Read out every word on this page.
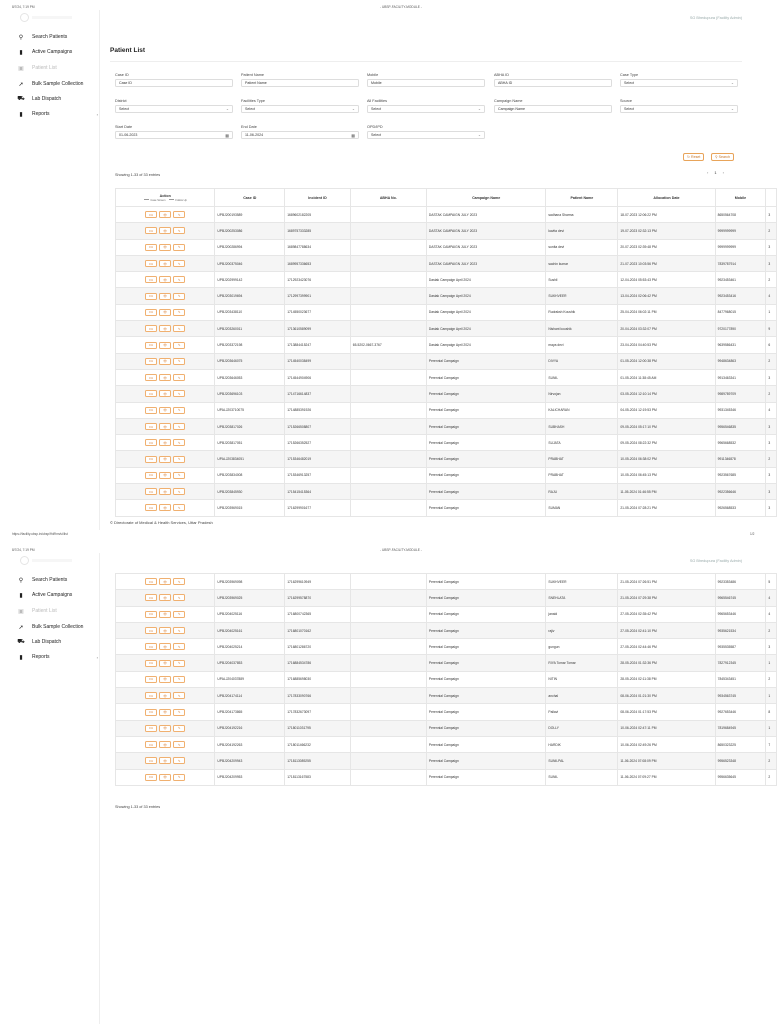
8/7/24, 7:19 PM	- UBSP-FACILITY-MODULE -
https://facility.ubsp.in/ubsp/fhl/fhm/ui/list	1/2
⚲ Search Patients
▮ Active Campaigns
▣ Patient List
➚ Bulk Sample Collection
⛟ Lab Dispatch
▮ Reports	›
SG Bhedupura (Facility Admin)
Patient List
Case ID
Case ID
Patient Name
Patient Name
Mobile
Mobile
ABHA ID
ABHA ID
Case Type
Select	⌄
District
Select	⌄
Facilities Type
Select	⌄
All Facilities
Select	⌄
Campaign Name
Campaign Name
Source
Select	⌄
Start Date
01-06-2023	▦
End Date
11-06-2024	▦
OPD/IPD
Select	⌄
↻ Reset	⚲ Search
Showing 1-33 of 33 entries	‹ 1 ›
Action
Case Screen Follow Up	Case ID	Incident ID	ABHA No.	Campaign Name	Patient Name	Allocation Date	Mobile	

FU 👁 ✎	UPBJ200193589	1689602182205		DASTAK CAMPAIGN JULY 2023	sadhana Sharma	18-07-2023 12:06:22 PM	8650564708	3

FU 👁 ✎	UPBJ200253086	1689757333285		DASTAK CAMPAIGN JULY 2023	kavita devi	19-07-2023 02:32:13 PM	9999999999	2

FU 👁 ✎	UPBJ200286994	1689847788634		DASTAK CAMPAIGN JULY 2023	sunita devi	20-07-2023 02:39:48 PM	9999999999	3

FU 👁 ✎	UPBJ200375046	1689957336653		DASTAK CAMPAIGN JULY 2023	sachin kumar	21-07-2023 10:03:56 PM	7839787914	3

FU 👁 ✎	UPBJ202999142	1712923423076		Dastak Campaign April 2024	Sushil	12-04-2024 05:53:43 PM	9923453461	2

FU 👁 ✎	UPBJ203019694	1712997399901		Dastak Campaign April 2024	SUKHVEER	13-04-2024 02:06:42 PM	9923453416	4

FU 👁 ✎	UPBJ203438110	1714550023677		Dastak Campaign April 2024	Rudraksh Koushik	25-04-2024 06:02:11 PM	8477968015	1

FU 👁 ✎	UPBJ203260011	1713610589099		Dastak Campaign April 2024	Nishant koushik	20-04-2024 03:32:07 PM	9720177890	9

FU 👁 ✎	UPBJ203372198	1713884415247	65-5202-0667-3767	Dastak Campaign April 2024	maya devi	23-04-2024 04:40:53 PM	9639586431	6

FU 👁 ✎	UPBJ203646075	1714540038499		Perennial Campaign	DIVYA	01-05-2024 12:00:38 PM	9948634863	2

FU 👁 ✎	UPBJ203646053	1714544904906		Perennial Campaign	SUNIL	01-05-2024 11:38:45 AM	9913463341	3

FU 👁 ✎	UPBJ203696103	1714716614837		Perennial Campaign	Nirvojan	03-05-2024 12:10:14 PM	9989789709	2

FU 👁 ✎	UPALJ203710075	1714885391926		Perennial Campaign	KALICHARAN	04-05-2024 12:19:53 PM	9931345346	4

FU 👁 ✎	UPBJ203817026	1715266508807		Perennial Campaign	SUBHASH	09-05-2024 05:17:10 PM	9956546835	3

FU 👁 ✎	UPBJ203817051	1715266352527		Perennial Campaign	SUJATA	09-05-2024 08:22:32 PM	9965668532	3

FU 👁 ✎	UPALJ203834051	1715346482019		Perennial Campaign	PRABHAT	10-05-2024 06:38:02 PM	9911346878	2

FU 👁 ✎	UPBJ203834008	1715346913257		Perennial Campaign	PRABHAT	10-05-2024 06:45:13 PM	9923567685	3

FU 👁 ✎	UPBJ203845930	1715415415364		Perennial Campaign	RAJU	11-05-2024 01:46:55 PM	9922356646	3

FU 👁 ✎	UPBJ203969015	1716299901677		Perennial Campaign	SUMAN	21-05-2024 07:28:21 PM	9926568533	3
© Directorate of Medical & Health Services, Uttar Pradesh
8/7/24, 7:19 PM	- UBSP-FACILITY-MODULE -
⚲ Search Patients
▮ Active Campaigns
▣ Patient List
➚ Bulk Sample Collection
⛟ Lab Dispatch
▮ Reports	›
SG Bhedupura (Facility Admin)
FU 👁 ✎	UPBJ203969098	1716299610949		Perennial Campaign	SUKHVEER	21-05-2024 07:26:51 PM	9923353486	5

FU 👁 ✎	UPBJ203969025	1716299578870		Perennial Campaign	SNEHLATA	21-05-2024 07:29:38 PM	9965546745	4

FU 👁 ✎	UPBJ204025116	1716800742365		Perennial Campaign	janaid	27-05-2024 02:35:42 PM	9965653446	4

FU 👁 ✎	UPBJ204025161	1716801070162		Perennial Campaign	rajiv	27-05-2024 02:41:10 PM	9935621534	2

FU 👁 ✎	UPBJ204025214	1716801286720		Perennial Campaign	gungun	27-05-2024 02:44:46 PM	9935535587	3

FU 👁 ✎	UPBJ204037853	1716884534786		Perennial Campaign	RIYA Tomar Tomar	28-05-2024 01:32:36 PM	7827912345	1

FU 👁 ✎	UPALJ204037889	1716885698030		Perennial Campaign	NITIN	28-05-2024 02:11:38 PM	7845343451	2

FU 👁 ✎	UPBJ204174114	1717833090766		Perennial Campaign	anchal	08-06-2024 01:21:30 PM	9934563745	1

FU 👁 ✎	UPBJ204173865	1717832673097		Perennial Campaign	Pallavi	08-06-2024 01:17:53 PM	9927653446	8

FU 👁 ✎	UPBJ204192216	1718011031795		Perennial Campaign	DOLLY	10-06-2024 02:47:11 PM	7819684945	1

FU 👁 ✎	UPBJ204192263	1718011466232		Perennial Campaign	HARDIK	10-06-2024 02:49:26 PM	8650323225	7

FU 👁 ✎	UPBJ204209943	1718113089255		Perennial Campaign	SUNILPAL	11-06-2024 07:08:09 PM	9956523348	2

FU 👁 ✎	UPBJ204209953	1718113167583		Perennial Campaign	SUNIL	11-06-2024 07:09:27 PM	9956635645	2
Showing 1-33 of 33 entries
